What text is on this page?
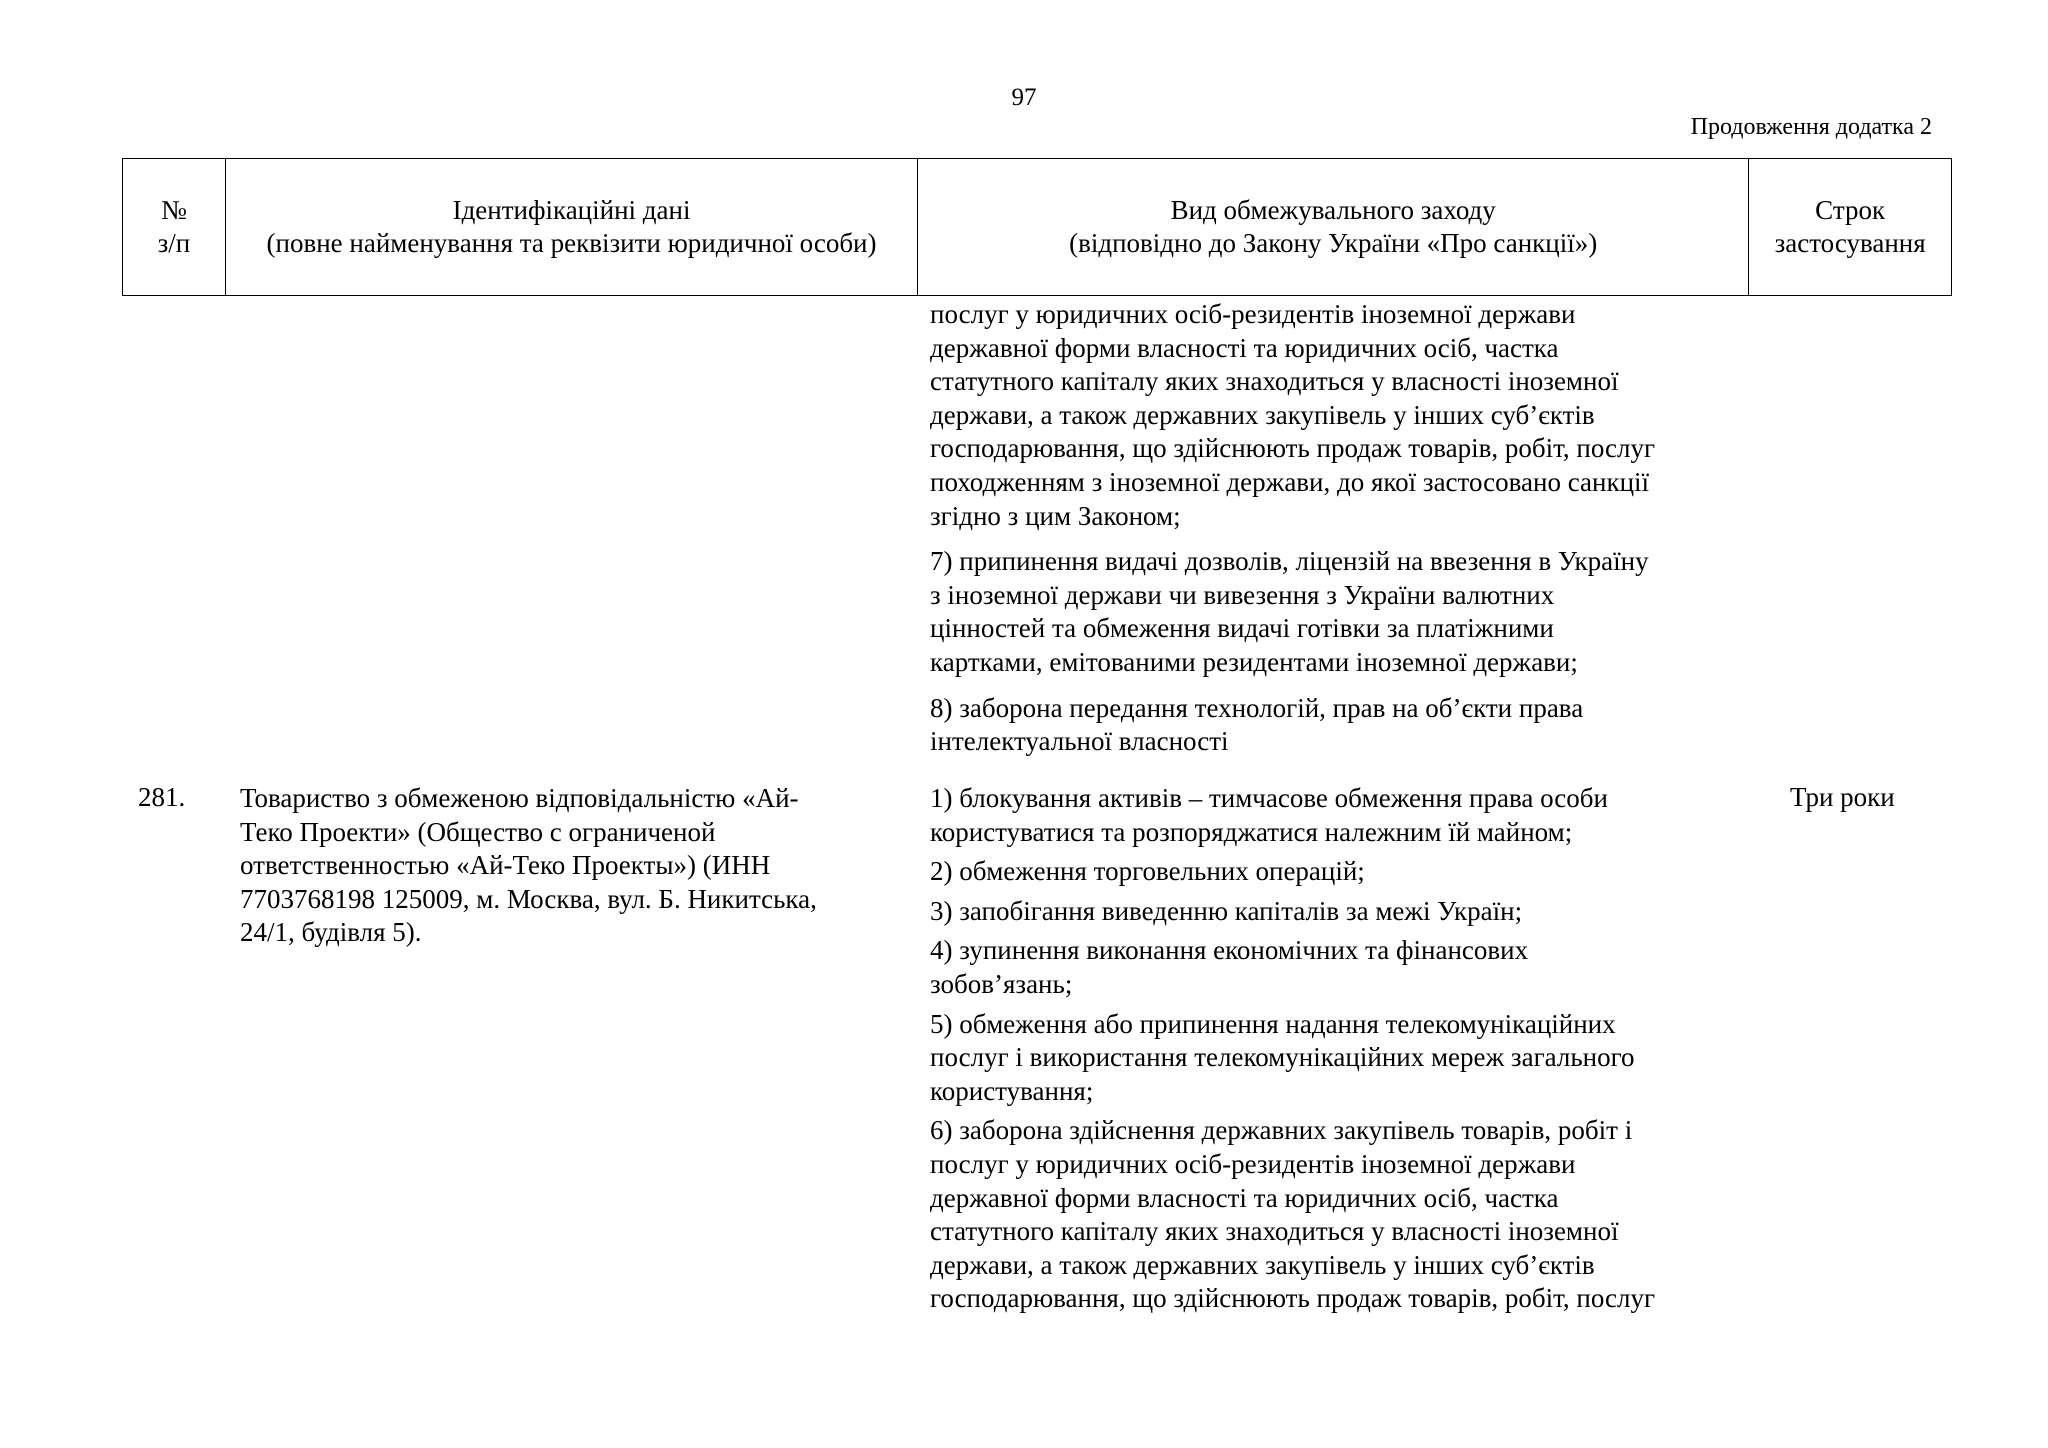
97
Продовження додатка 2
№
з/п
Ідентифікаційні дані
(повне найменування та реквізити юридичної особи)
Вид обмежувального заходу
(відповідно до Закону України «Про санкції»)
Строк
застосування

послуг у юридичних осіб-резидентів іноземної держави

державної форми власності та юридичних осіб, частка

статутного капіталу яких знаходиться у власності іноземної

держави, а також державних закупівель у інших суб’єктів

господарювання, що здійснюють продаж товарів, робіт, послуг

походженням з іноземної держави, до якої застосовано санкції

згідно з цим Законом;

7) припинення видачі дозволів, ліцензій на ввезення в Україну

з іноземної держави чи вивезення з України валютних

цінностей та обмеження видачі готівки за платіжними

картками, емітованими резидентами іноземної держави;

8) заборона передання технологій, прав на об’єкти права

інтелектуальної власності

281. Товариство з обмеженою відповідальністю «Ай-

Теко Проекти» (Общество с ограниченой

ответственностью «Ай-Теко Проекты») (ИНН

7703768198 125009, м. Москва, вул. Б. Никитська,

24/1, будівля 5).

1) блокування активів – тимчасове обмеження права особи

користуватися та розпоряджатися належним їй майном;

2) обмеження торговельних операцій;

3) запобігання виведенню капіталів за межі Україн;

4) зупинення виконання економічних та фінансових

зобов’язань;

5) обмеження або припинення надання телекомунікаційних

послуг і використання телекомунікаційних мереж загального

користування;

6) заборона здійснення державних закупівель товарів, робіт і

послуг у юридичних осіб-резидентів іноземної держави

державної форми власності та юридичних осіб, частка

статутного капіталу яких знаходиться у власності іноземної

держави, а також державних закупівель у інших суб’єктів

господарювання, що здійснюють продаж товарів, робіт, послуг

Три роки
